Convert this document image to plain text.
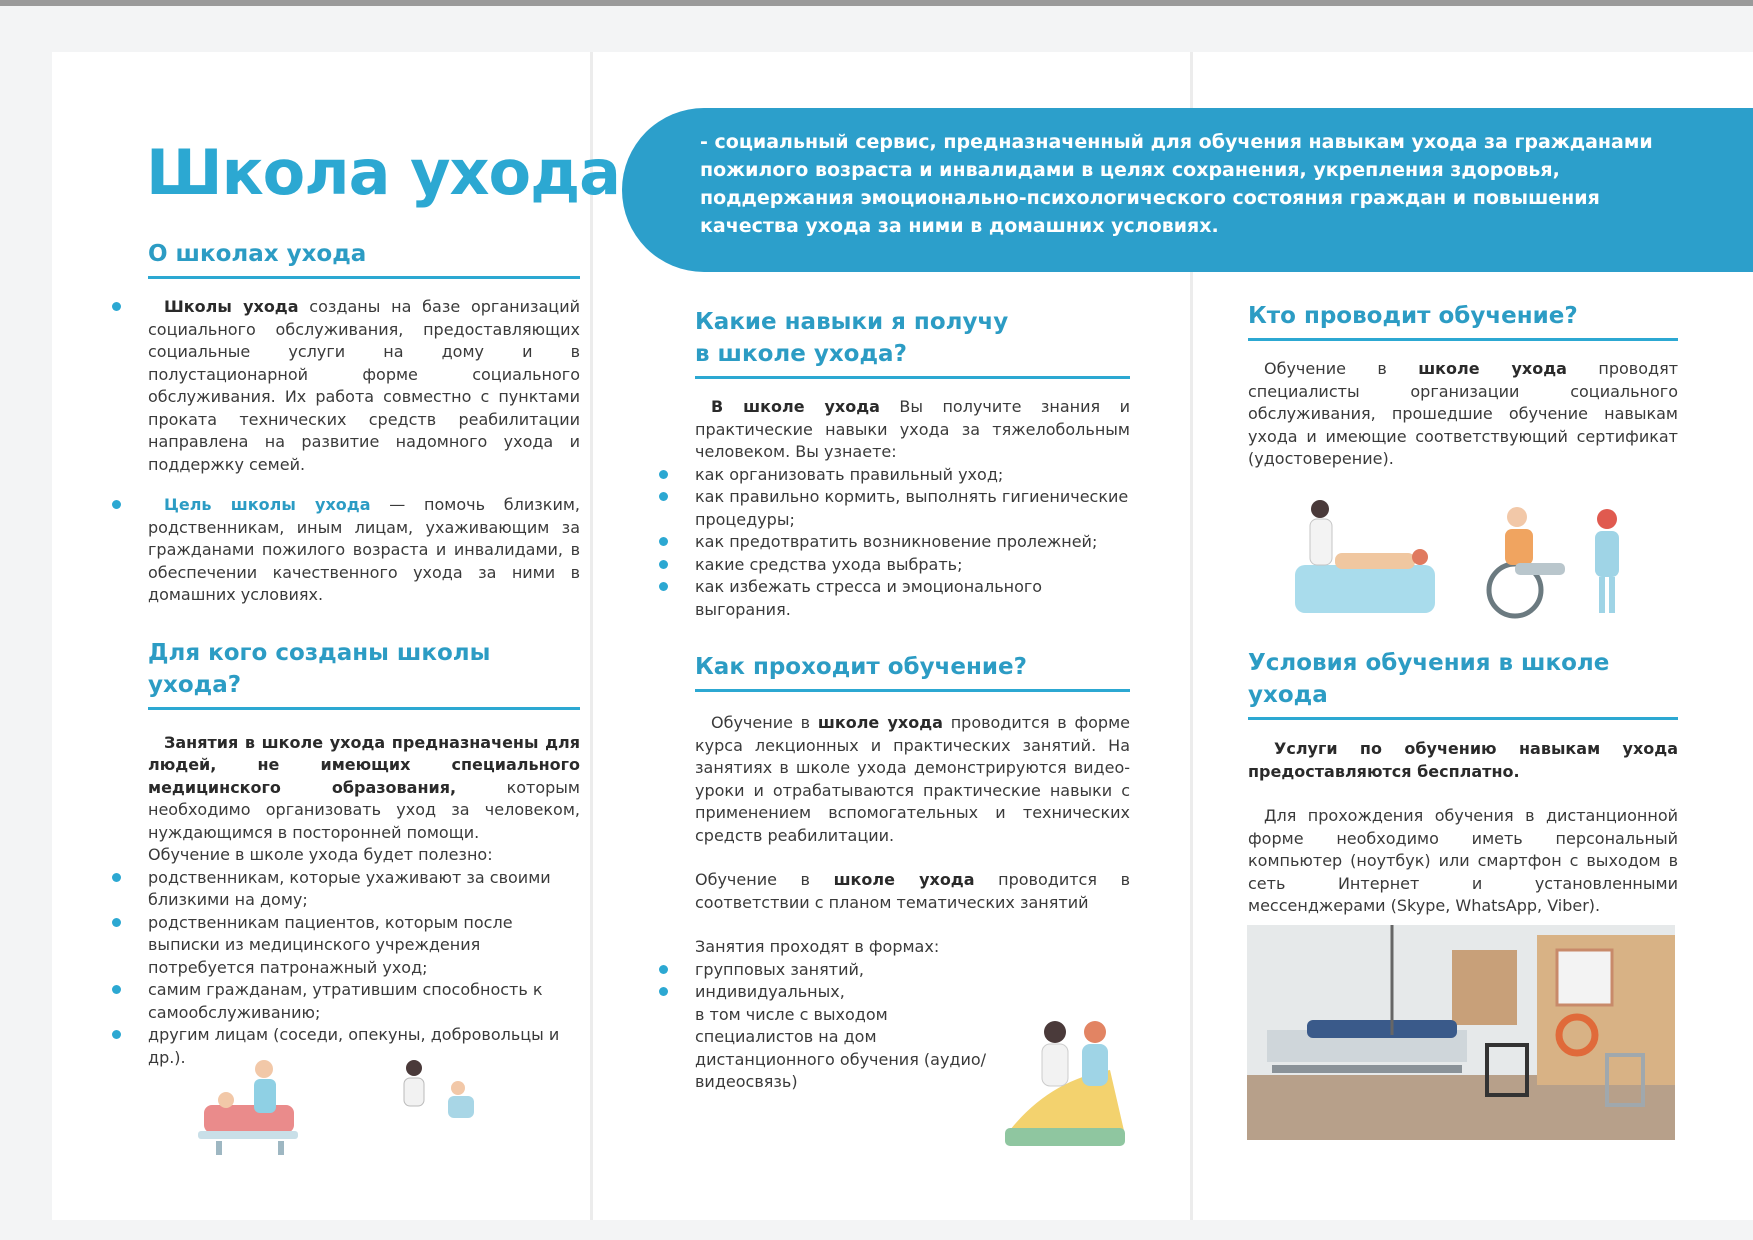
- социальный сервис, предназначенный для обучения навыкам ухода за гражданами пожилого возраста и инвалидами в целях сохранения, укрепления здоровья, поддержания эмоционально-психологического состояния граждан и повышения качества ухода за ними в домашних условиях.
Школа ухода
О школах ухода

Школы ухода созданы на базе организаций социального обслуживания, предоставляющих социальные услуги на дому и в полустационарной форме социального обслуживания. Их работа совместно с пунктами проката технических средств реабилитации направлена на развитие надомного ухода и поддержку семей.

Цель школы ухода — помочь близким, родственникам, иным лицам, ухаживающим за гражданами пожилого возраста и инвалидами, в обеспечении качественного ухода за ними в домашних условиях.

Для кого созданы школы ухода?

Занятия в школе ухода предназначены для людей, не имеющих специального медицинского образования, которым необходимо организовать уход за человеком, нуждающимся в посторонней помощи.

Обучение в школе ухода будет полезно:

родственникам, которые ухаживают за своими близкими на дому;
родственникам пациентов, которым после выписки из медицинского учреждения потребуется патронажный уход;
самим гражданам, утратившим способность к самообслуживанию;
другим лицам (соседи, опекуны, добровольцы и др.).
Какие навыки я получу в школе ухода?

В школе ухода Вы получите знания и практические навыки ухода за тяжелобольным человеком. Вы узнаете:

как организовать правильный уход;
как правильно кормить, выполнять гигиенические процедуры;
как предотвратить возникновение пролежней;
какие средства ухода выбрать;
как избежать стресса и эмоционального выгорания.
Как проходит обучение?

Обучение в школе ухода проводится в форме курса лекционных и практических занятий. На занятиях в школе ухода демонстрируются видео-уроки и отрабатываются практические навыки с применением вспомогательных и технических средств реабилитации.

Обучение в школе ухода проводится в соответствии с планом тематических занятий

Занятия проходят в формах:

групповых занятий,
индивидуальных,

в том числе с выходом специалистов на дом дистанционного обучения (аудио/видеосвязь)

Кто проводит обучение?

Обучение в школе ухода проводят специалисты организации социального обслуживания, прошедшие обучение навыкам ухода и имеющие соответствующий сертификат (удостоверение).

Условия обучения в школе ухода

Услуги по обучению навыкам ухода предоставляются бесплатно.

Для прохождения обучения в дистанционной форме необходимо иметь персональный компьютер (ноутбук) или смартфон с выходом в сеть Интернет и установленными мессенджерами (Skype, WhatsApp, Viber).
